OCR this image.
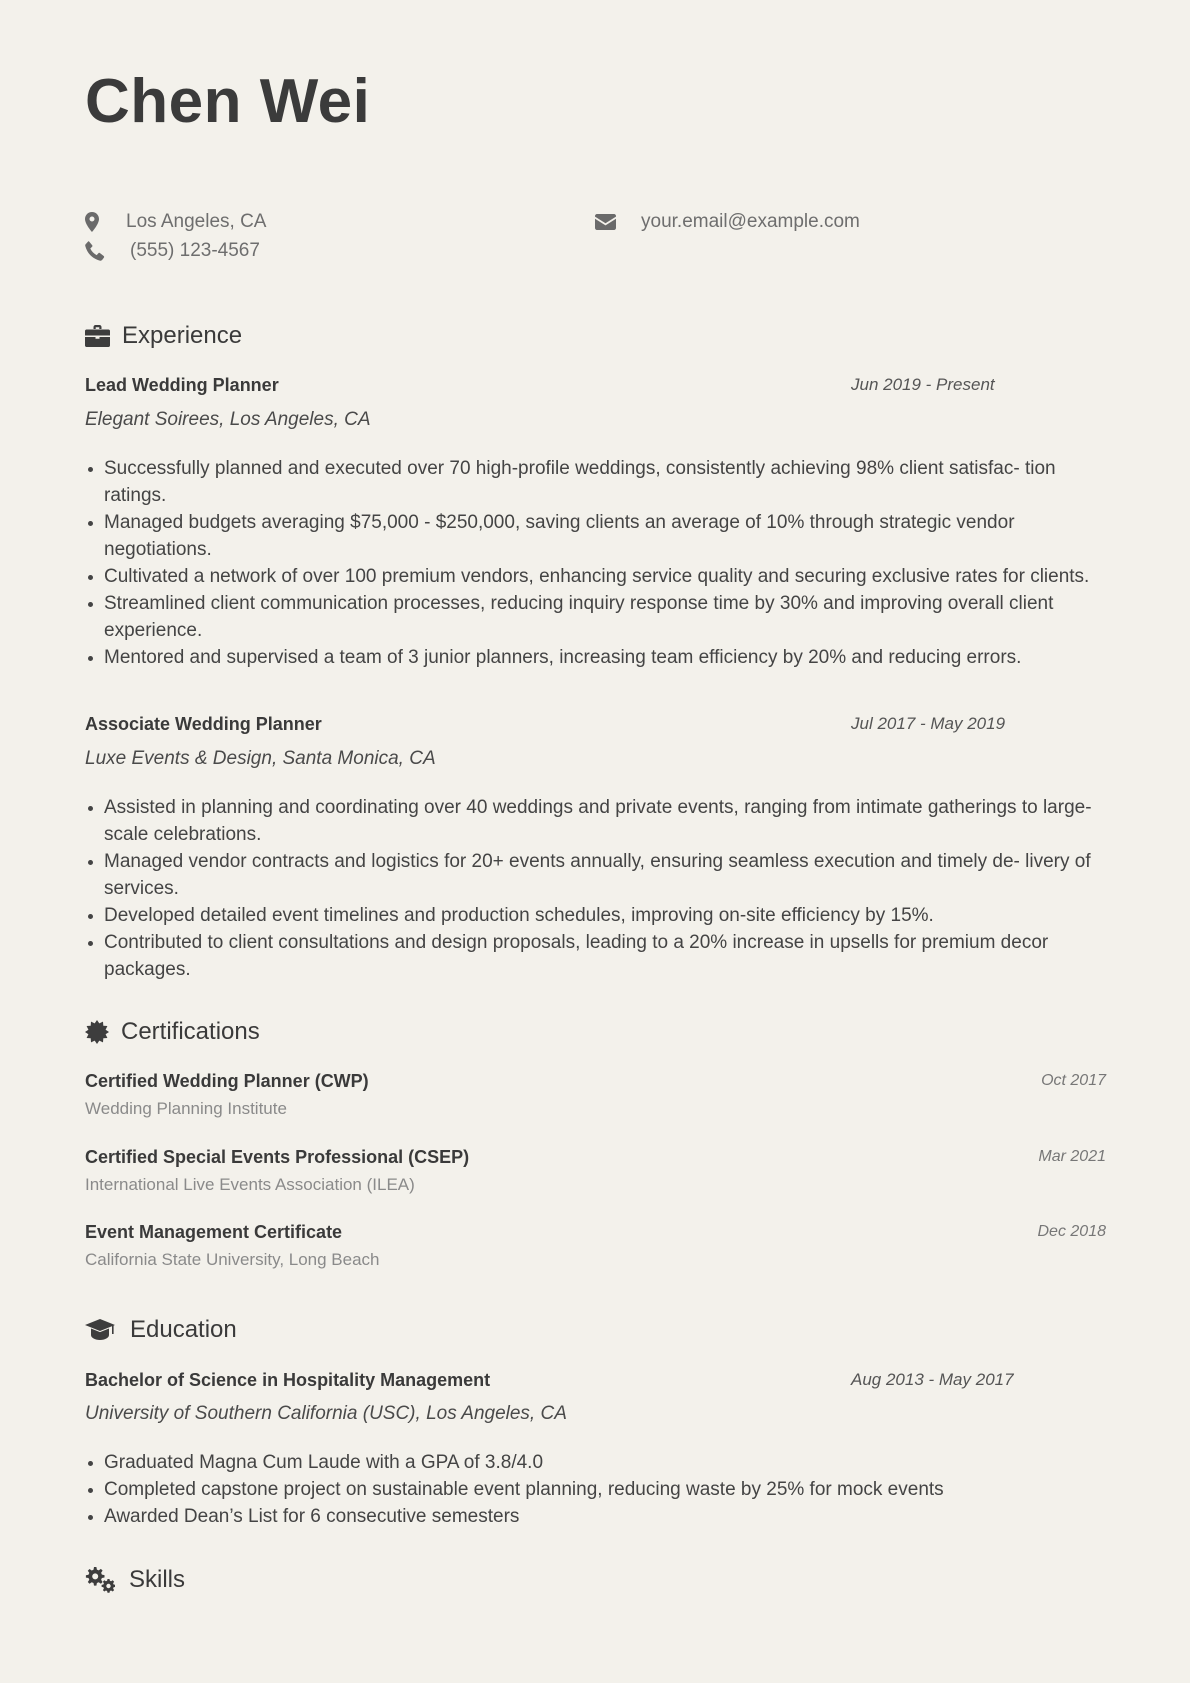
Chen Wei
Los Angeles, CA
(555) 123-4567
your.email@example.com
Experience
Lead Wedding Planner	Jun 2019 - Present
Elegant Soirees, Los Angeles, CA
Successfully planned and executed over 70 high-profile weddings, consistently achieving 98% client satisfac- tion ratings.
Managed budgets averaging $75,000 - $250,000, saving clients an average of 10% through strategic vendor negotiations.
Cultivated a network of over 100 premium vendors, enhancing service quality and securing exclusive rates for clients.
Streamlined client communication processes, reducing inquiry response time by 30% and improving overall client experience.
Mentored and supervised a team of 3 junior planners, increasing team efficiency by 20% and reducing errors.
Associate Wedding Planner	Jul 2017 - May 2019
Luxe Events & Design, Santa Monica, CA
Assisted in planning and coordinating over 40 weddings and private events, ranging from intimate gatherings to large-scale celebrations.
Managed vendor contracts and logistics for 20+ events annually, ensuring seamless execution and timely de- livery of services.
Developed detailed event timelines and production schedules, improving on-site efficiency by 15%.
Contributed to client consultations and design proposals, leading to a 20% increase in upsells for premium decor packages.
Certifications
Certified Wedding Planner (CWP)	Oct 2017
Wedding Planning Institute
Certified Special Events Professional (CSEP)	Mar 2021
International Live Events Association (ILEA)
Event Management Certificate	Dec 2018
California State University, Long Beach
Education
Bachelor of Science in Hospitality Management	Aug 2013 - May 2017
University of Southern California (USC), Los Angeles, CA
Graduated Magna Cum Laude with a GPA of 3.8/4.0
Completed capstone project on sustainable event planning, reducing waste by 25% for mock events
Awarded Dean’s List for 6 consecutive semesters
Skills
